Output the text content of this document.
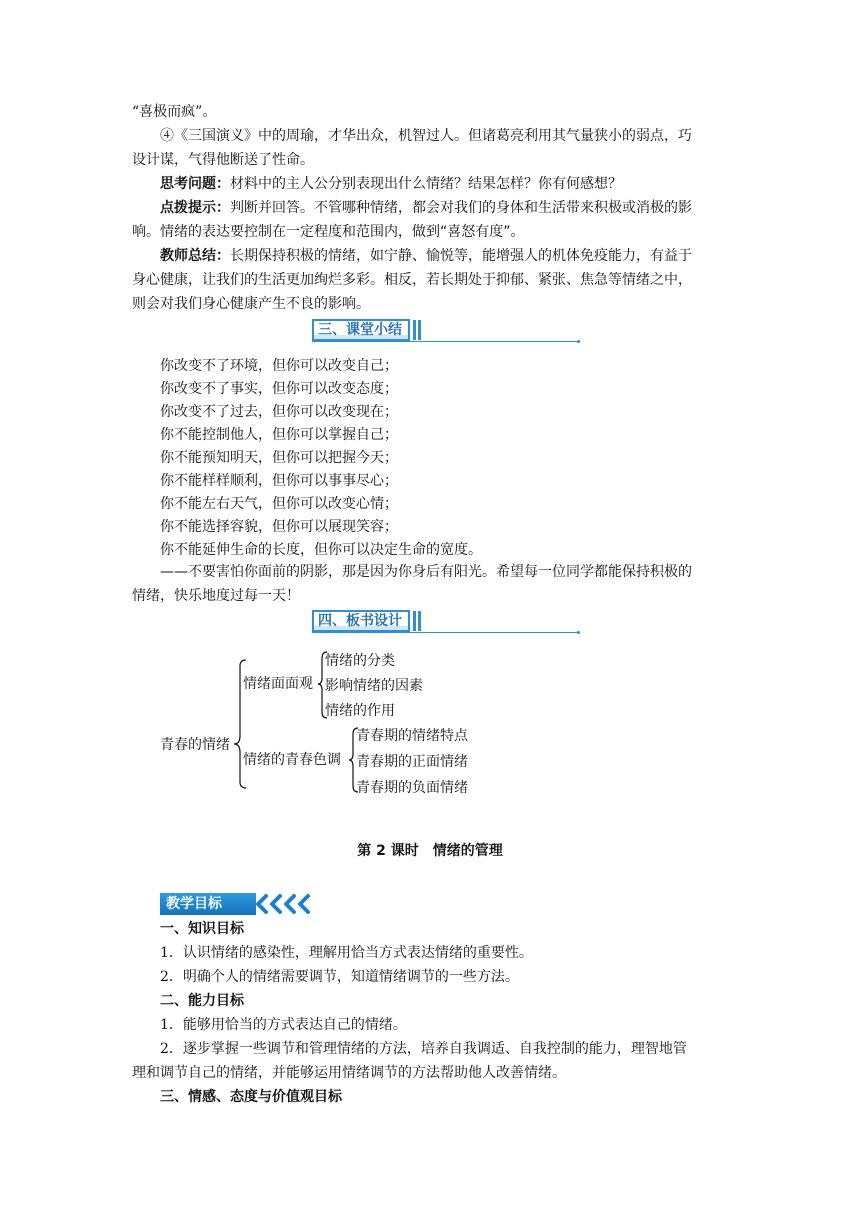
“喜极而疯”。

④《三国演义》中的周瑜，才华出众，机智过人。但诸葛亮利用其气量狭小的弱点，巧

设计谋，气得他断送了性命。

思考问题：材料中的主人公分别表现出什么情绪？结果怎样？你有何感想？

点拨提示：判断并回答。不管哪种情绪，都会对我们的身体和生活带来积极或消极的影

响。情绪的表达要控制在一定程度和范围内，做到“喜怒有度”。

教师总结：长期保持积极的情绪，如宁静、愉悦等，能增强人的机体免疫能力，有益于

身心健康，让我们的生活更加绚烂多彩。相反，若长期处于抑郁、紧张、焦急等情绪之中，

则会对我们身心健康产生不良的影响。

三、课堂小结

你改变不了环境，但你可以改变自己；

你改变不了事实，但你可以改变态度；

你改变不了过去，但你可以改变现在；

你不能控制他人，但你可以掌握自己；

你不能预知明天，但你可以把握今天；

你不能样样顺利，但你可以事事尽心；

你不能左右天气，但你可以改变心情；

你不能选择容貌，但你可以展现笑容；

你不能延伸生命的长度，但你可以决定生命的宽度。

——不要害怕你面前的阴影，那是因为你身后有阳光。希望每一位同学都能保持积极的

情绪，快乐地度过每一天！

四、板书设计
青春的情绪
情绪面面观
情绪的分类
影响情绪的因素
情绪的作用
情绪的青春色调
青春期的情绪特点
青春期的正面情绪
青春期的负面情绪
第 2 课时　情绪的管理
教学目标

一、知识目标

1．认识情绪的感染性，理解用恰当方式表达情绪的重要性。

2．明确个人的情绪需要调节，知道情绪调节的一些方法。

二、能力目标

1．能够用恰当的方式表达自己的情绪。

2．逐步掌握一些调节和管理情绪的方法，培养自我调适、自我控制的能力，理智地管

理和调节自己的情绪，并能够运用情绪调节的方法帮助他人改善情绪。

三、情感、态度与价值观目标
